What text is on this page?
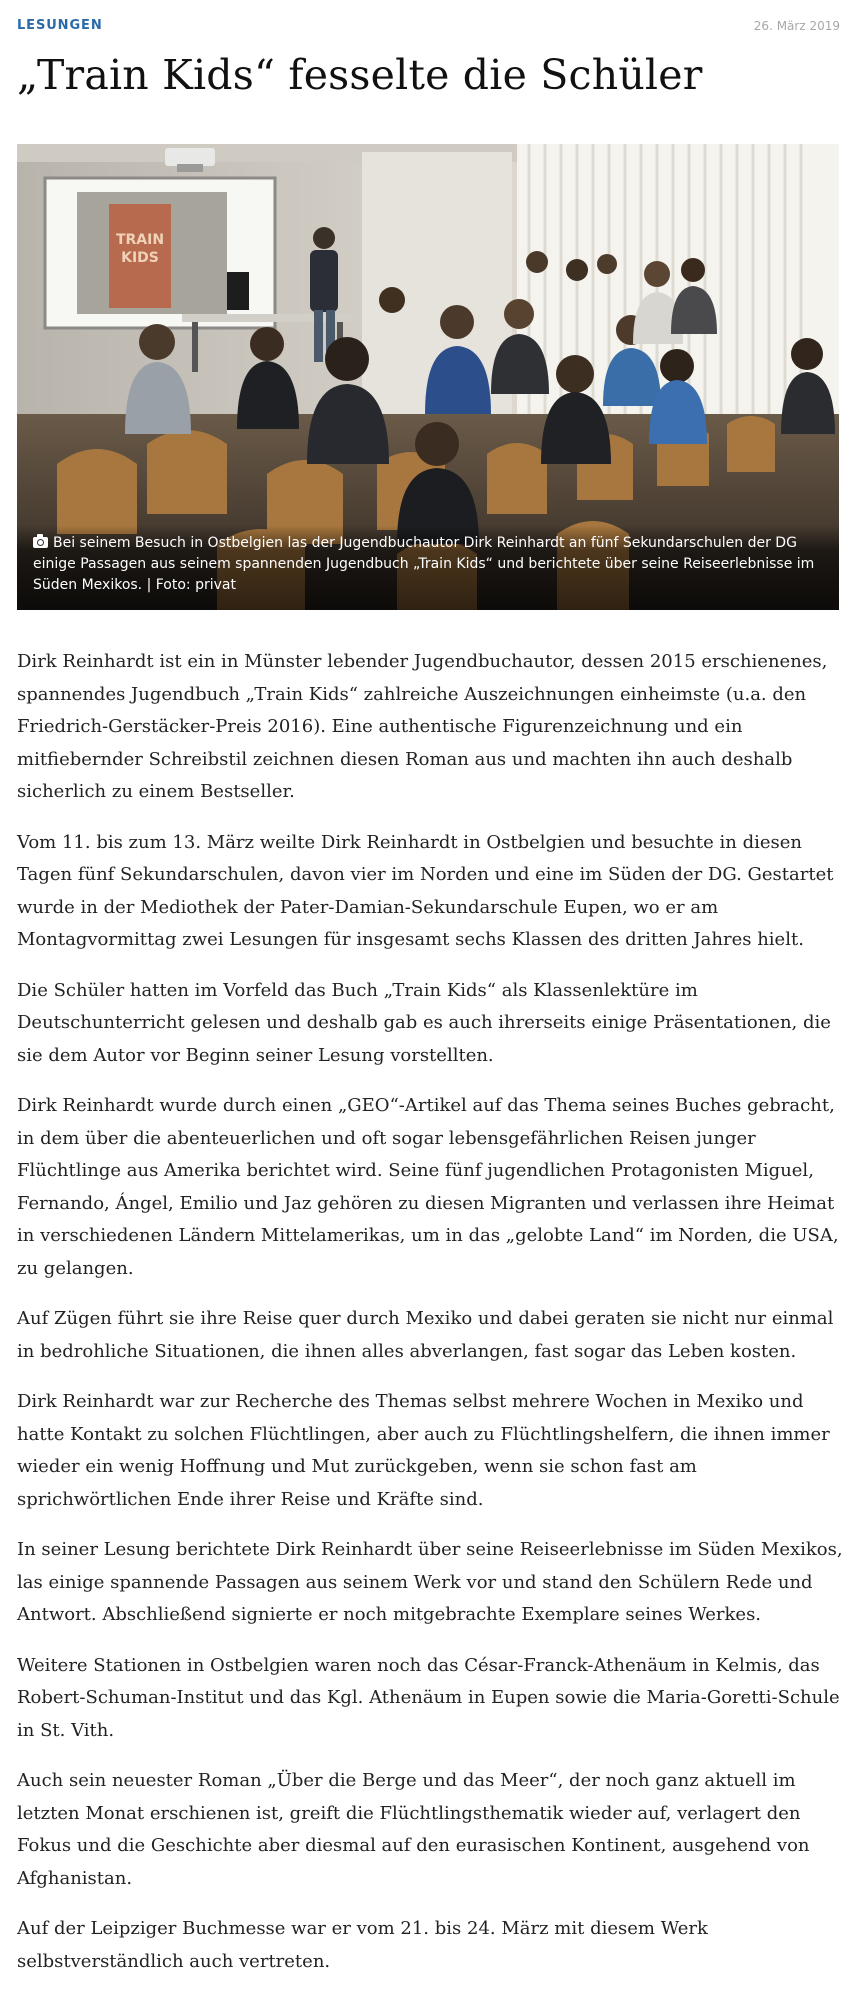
LESUNGEN	26. März 2019
„Train Kids“ fesselte die Schüler
TRAIN
KIDS
Bei seinem Besuch in Ostbelgien las der Jugendbuchautor Dirk Reinhardt an fünf Sekundarschulen der DG einige Passagen aus seinem spannenden Jugendbuch „Train Kids“ und berichtete über seine Reiseerlebnisse im Süden Mexikos. | Foto: privat

Dirk Reinhardt ist ein in Münster lebender Jugendbuchautor, dessen 2015 erschienenes, spannendes Jugendbuch „Train Kids“ zahlreiche Auszeichnungen einheimste (u.a. den Friedrich-Gerstäcker-Preis 2016). Eine authentische Figurenzeichnung und ein mitfiebernder Schreibstil zeichnen diesen Roman aus und machten ihn auch deshalb sicherlich zu einem Bestseller.

Vom 11. bis zum 13. März weilte Dirk Reinhardt in Ostbelgien und besuchte in diesen Tagen fünf Sekundarschulen, davon vier im Norden und eine im Süden der DG. Gestartet wurde in der Mediothek der Pater-Damian-Sekundarschule Eupen, wo er am Montagvormittag zwei Lesungen für insgesamt sechs Klassen des dritten Jahres hielt.

Die Schüler hatten im Vorfeld das Buch „Train Kids“ als Klassenlektüre im Deutschunterricht gelesen und deshalb gab es auch ihrerseits einige Präsentationen, die sie dem Autor vor Beginn seiner Lesung vorstellten.

Dirk Reinhardt wurde durch einen „GEO“-Artikel auf das Thema seines Buches gebracht, in dem über die abenteuerlichen und oft sogar lebensgefährlichen Reisen junger Flüchtlinge aus Amerika berichtet wird. Seine fünf jugendlichen Protagonisten Miguel, Fernando, Ángel, Emilio und Jaz gehören zu diesen Migranten und verlassen ihre Heimat in verschiedenen Ländern Mittelamerikas, um in das „gelobte Land“ im Norden, die USA, zu gelangen.

Auf Zügen führt sie ihre Reise quer durch Mexiko und dabei geraten sie nicht nur einmal in bedrohliche Situationen, die ihnen alles abverlangen, fast sogar das Leben kosten.

Dirk Reinhardt war zur Recherche des Themas selbst mehrere Wochen in Mexiko und hatte Kontakt zu solchen Flüchtlingen, aber auch zu Flüchtlingshelfern, die ihnen immer wieder ein wenig Hoffnung und Mut zurückgeben, wenn sie schon fast am sprichwörtlichen Ende ihrer Reise und Kräfte sind.

In seiner Lesung berichtete Dirk Reinhardt über seine Reiseerlebnisse im Süden Mexikos, las einige spannende Passagen aus seinem Werk vor und stand den Schülern Rede und Antwort. Abschließend signierte er noch mitgebrachte Exemplare seines Werkes.

Weitere Stationen in Ostbelgien waren noch das César-Franck-Athenäum in Kelmis, das Robert-Schuman-Institut und das Kgl. Athenäum in Eupen sowie die Maria-Goretti-Schule in St. Vith.

Auch sein neuester Roman „Über die Berge und das Meer“, der noch ganz aktuell im letzten Monat erschienen ist, greift die Flüchtlingsthematik wieder auf, verlagert den Fokus und die Geschichte aber diesmal auf den eurasischen Kontinent, ausgehend von Afghanistan.

Auf der Leipziger Buchmesse war er vom 21. bis 24. März mit diesem Werk selbstverständlich auch vertreten.
